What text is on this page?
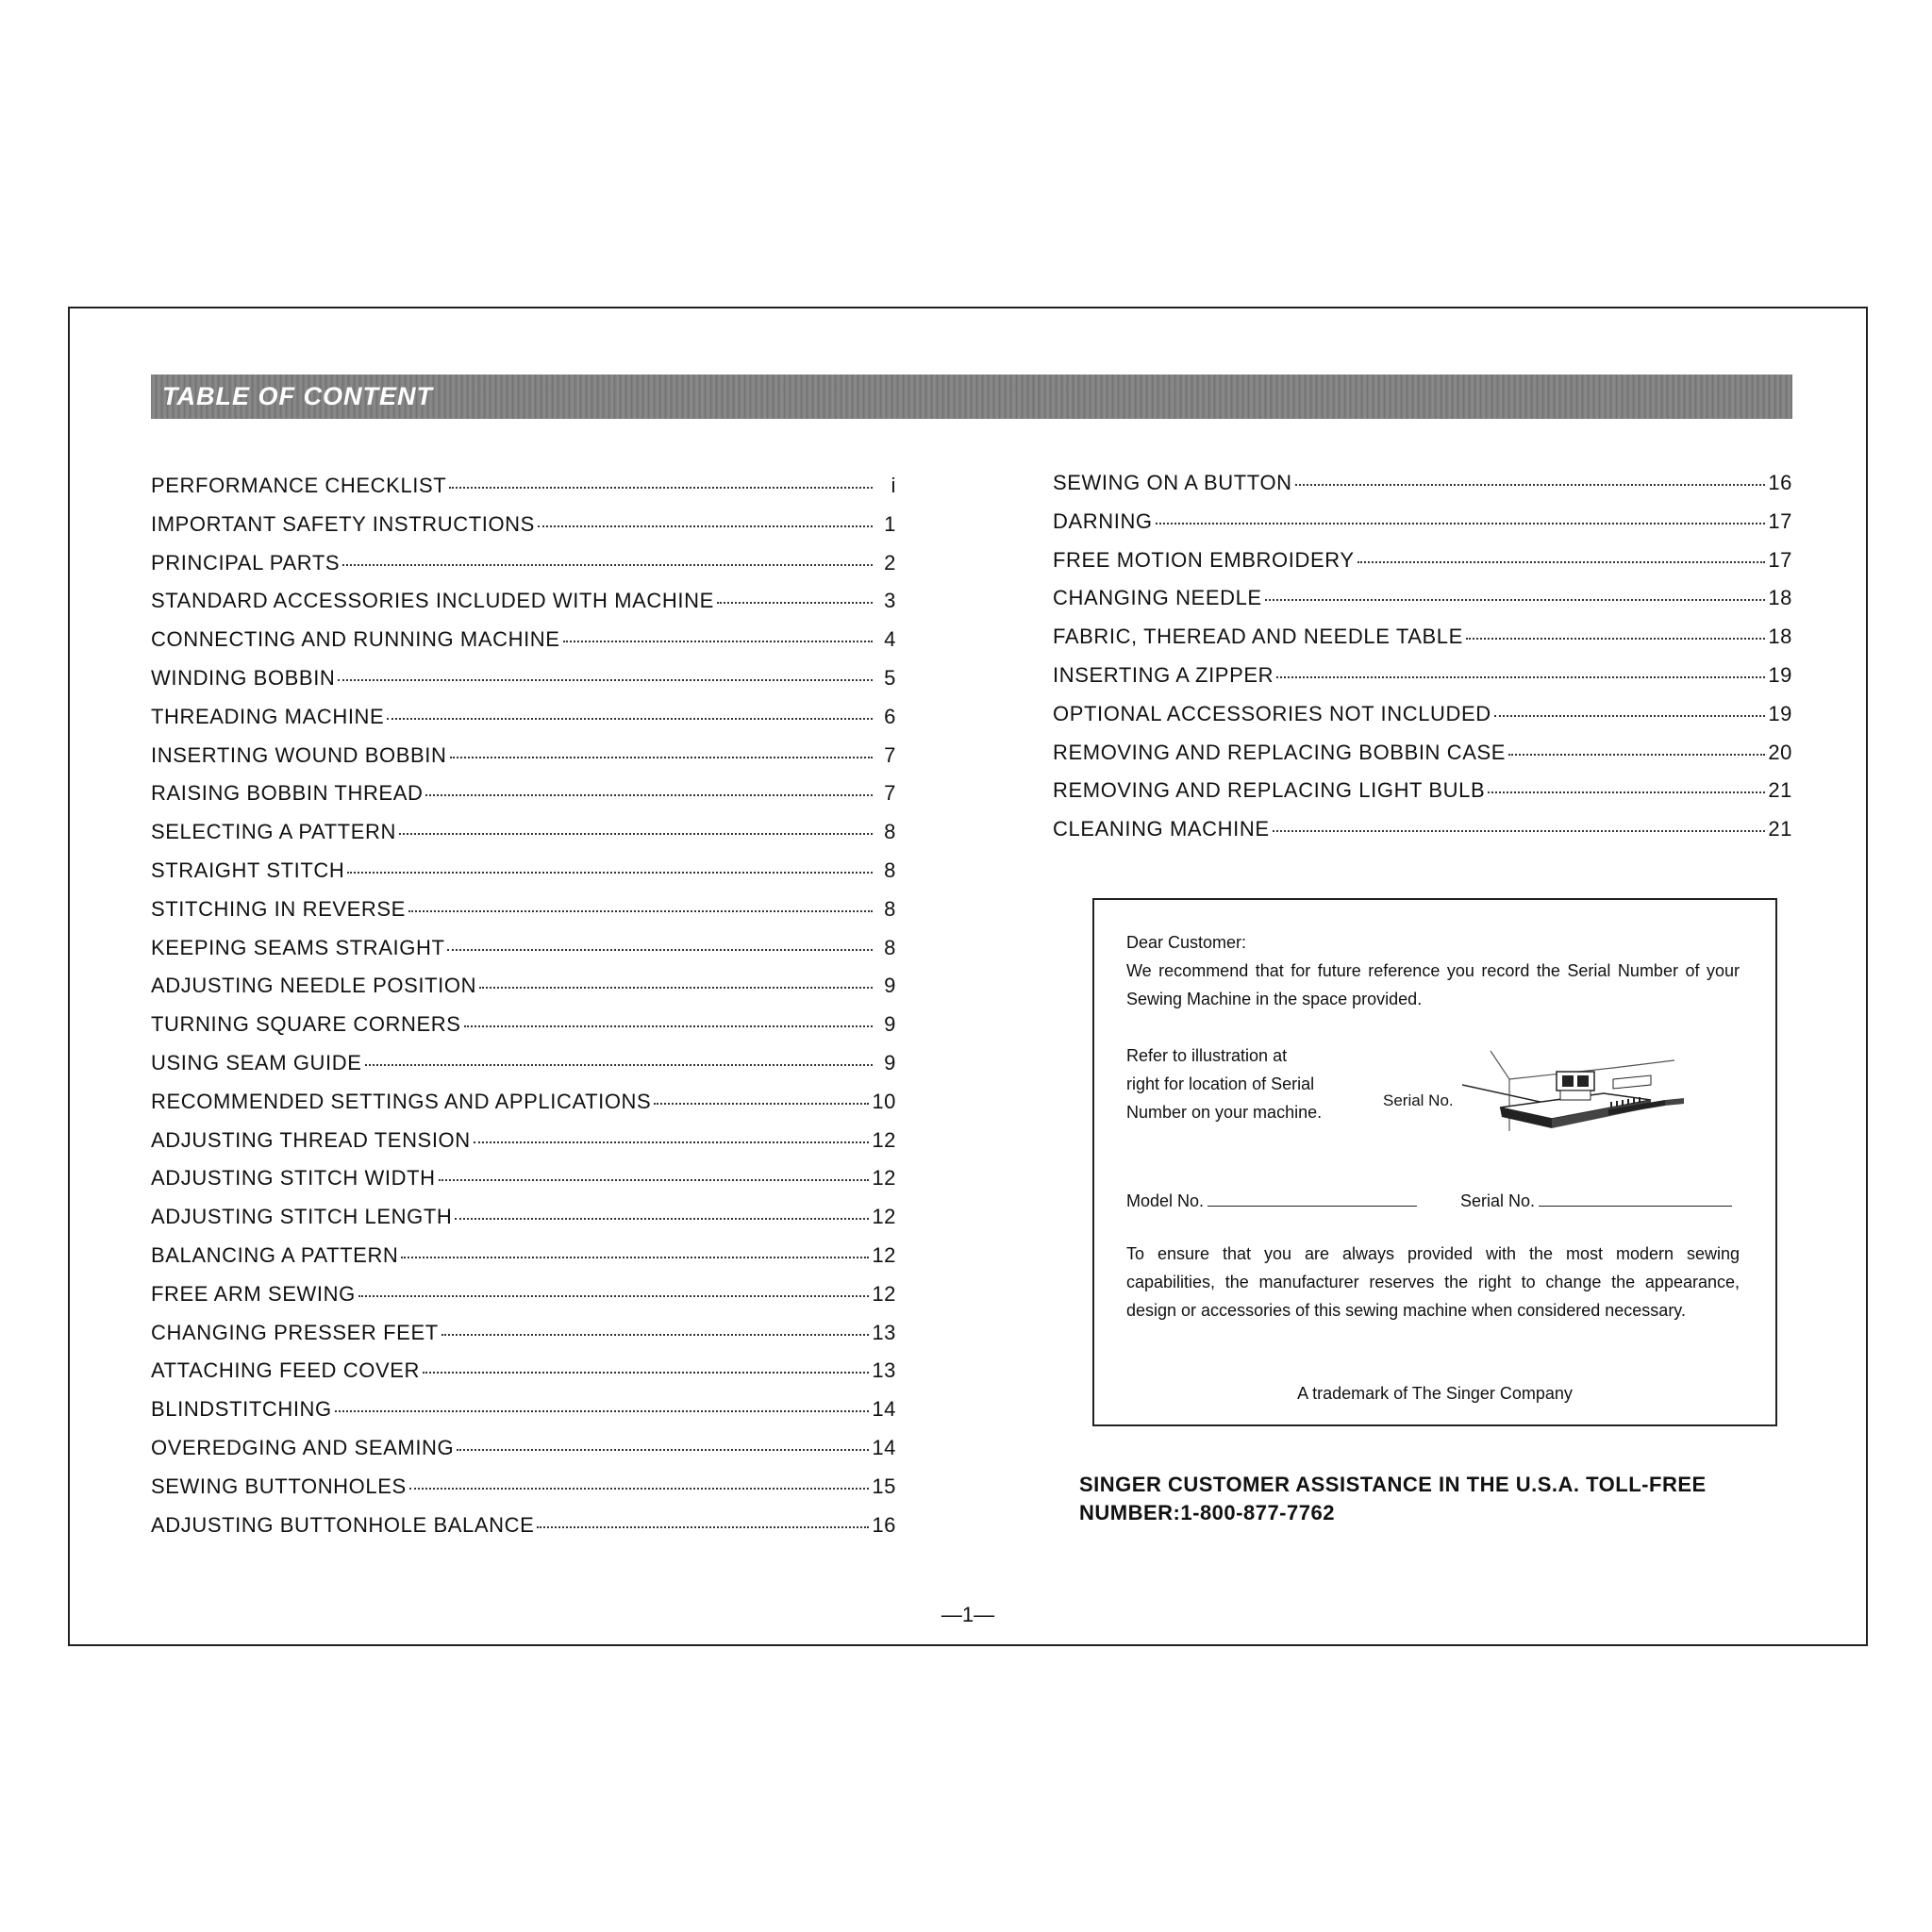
TABLE OF CONTENT
PERFORMANCE CHECKLIST	i
IMPORTANT SAFETY INSTRUCTIONS	1
PRINCIPAL PARTS	2
STANDARD ACCESSORIES INCLUDED WITH MACHINE	3
CONNECTING AND RUNNING MACHINE	4
WINDING BOBBIN	5
THREADING MACHINE	6
INSERTING WOUND BOBBIN	7
RAISING BOBBIN THREAD	7
SELECTING A PATTERN	8
STRAIGHT STITCH	8
STITCHING IN REVERSE	8
KEEPING SEAMS STRAIGHT	8
ADJUSTING NEEDLE POSITION	9
TURNING SQUARE CORNERS	9
USING SEAM GUIDE	9
RECOMMENDED SETTINGS AND APPLICATIONS	10
ADJUSTING THREAD TENSION	12
ADJUSTING STITCH WIDTH	12
ADJUSTING STITCH LENGTH	12
BALANCING A PATTERN	12
FREE ARM SEWING	12
CHANGING PRESSER FEET	13
ATTACHING FEED COVER	13
BLINDSTITCHING	14
OVEREDGING AND SEAMING	14
SEWING BUTTONHOLES	15
ADJUSTING BUTTONHOLE BALANCE	16
SEWING ON A BUTTON	16
DARNING	17
FREE MOTION EMBROIDERY	17
CHANGING NEEDLE	18
FABRIC, THEREAD AND NEEDLE TABLE	18
INSERTING A ZIPPER	19
OPTIONAL ACCESSORIES NOT INCLUDED	19
REMOVING AND REPLACING BOBBIN CASE	20
REMOVING AND REPLACING LIGHT BULB	21
CLEANING MACHINE	21
Dear Customer:
We recommend that for future reference you record the Serial Number of your Sewing Machine in the space provided.
Refer to illustration at right for location of Serial Number on your machine.
Serial No.
Model No.	Serial No.
To ensure that you are always provided with the most modern sewing capabilities, the manufacturer reserves the right to change the appearance, design or accessories of this sewing machine when considered necessary.
A trademark of The Singer Company
SINGER CUSTOMER ASSISTANCE IN THE U.S.A. TOLL-FREE NUMBER:1-800-877-7762
—1—
